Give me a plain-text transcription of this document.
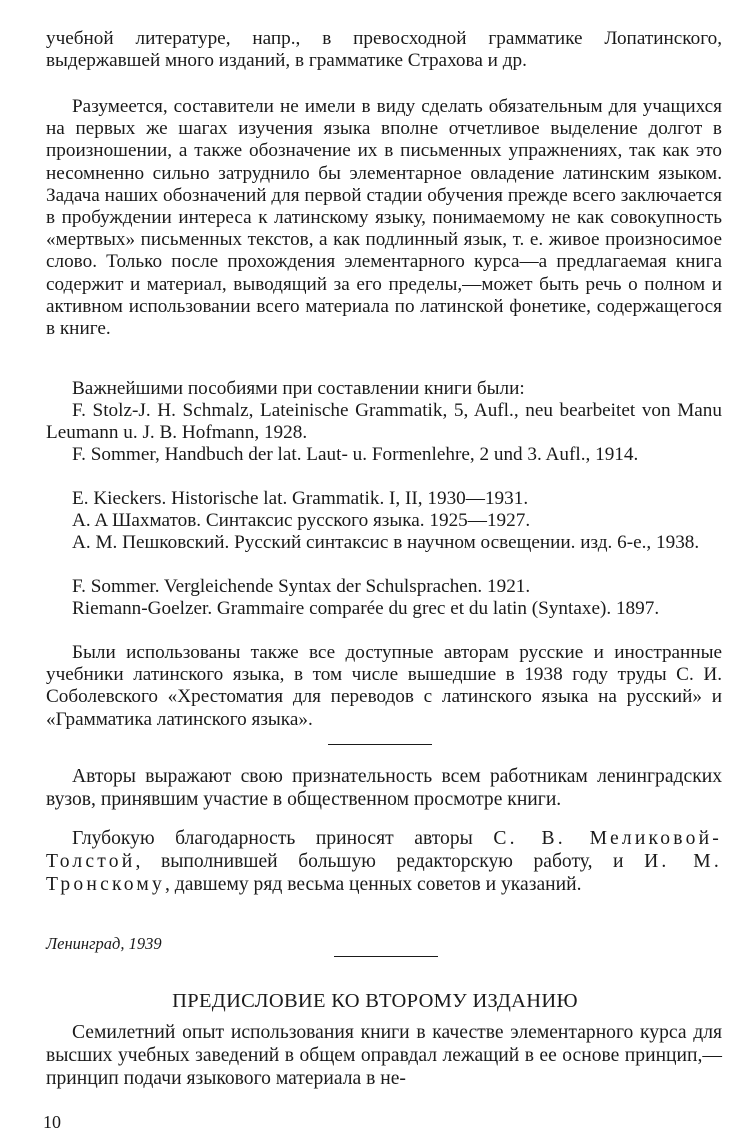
учебной литературе, напр., в превосходной грамматике Лопатинского, выдержавшей много изданий, в грамматике Страхова и др.

Разумеется, составители не имели в виду сделать обязательным для учащихся на первых же шагах изучения языка вполне отчетливое выделение долгот в произношении, а также обозначение их в письменных упражнениях, так как это несомненно сильно затруднило бы элементарное овладение латинским языком. Задача наших обозначений для первой стадии обучения прежде всего заключается в пробуждении интереса к латинскому языку, понимаемому не как совокупность «мертвых» письменных текстов, а как подлинный язык, т. е. живое произносимое слово. Только после прохождения элементарного курса—а предлагаемая книга содержит и материал, выводящий за его пределы,—может быть речь о полном и активном использовании всего материала по латинской фонетике, содержащегося в книге.

Важнейшими пособиями при составлении книги были:

F. Stolz-J. H. Schmalz, Lateinische Grammatik, 5, Aufl., neu bearbeitet von Manu Leumann u. J. B. Hofmann, 1928.

F. Sommer, Handbuch der lat. Laut- u. Formenlehre, 2 und 3. Aufl., 1914.

E. Kieckers. Historische lat. Grammatik. I, II, 1930—1931.

A. A Шахматов. Синтаксис русского языка. 1925—1927.

A. M. Пешковский. Русский синтаксис в научном освещении. изд. 6-е., 1938.

F. Sommer. Vergleichende Syntax der Schulsprachen. 1921.

Riemann-Goelzer. Grammaire comparée du grec et du latin (Syntaxe). 1897.

Были использованы также все доступные авторам русские и иностранные учебники латинского языка, в том числе вышедшие в 1938 году труды С. И. Соболевского «Хрестоматия для переводов с латинского языка на русский» и «Грамматика латинского языка».

Авторы выражают свою признательность всем работникам ленинградских вузов, принявшим участие в общественном просмотре книги.

Глубокую благодарность приносят авторы С. В. Меликовой-Толстой, выполнившей большую редакторскую работу, и И. М. Тронскому, давшему ряд весьма ценных советов и указаний.

Ленинград, 1939

ПРЕДИСЛОВИЕ КО ВТОРОМУ ИЗДАНИЮ

Семилетний опыт использования книги в качестве элементарного курса для высших учебных заведений в общем оправдал лежащий в ее основе принцип,—принцип подачи языкового материала в не-

10
